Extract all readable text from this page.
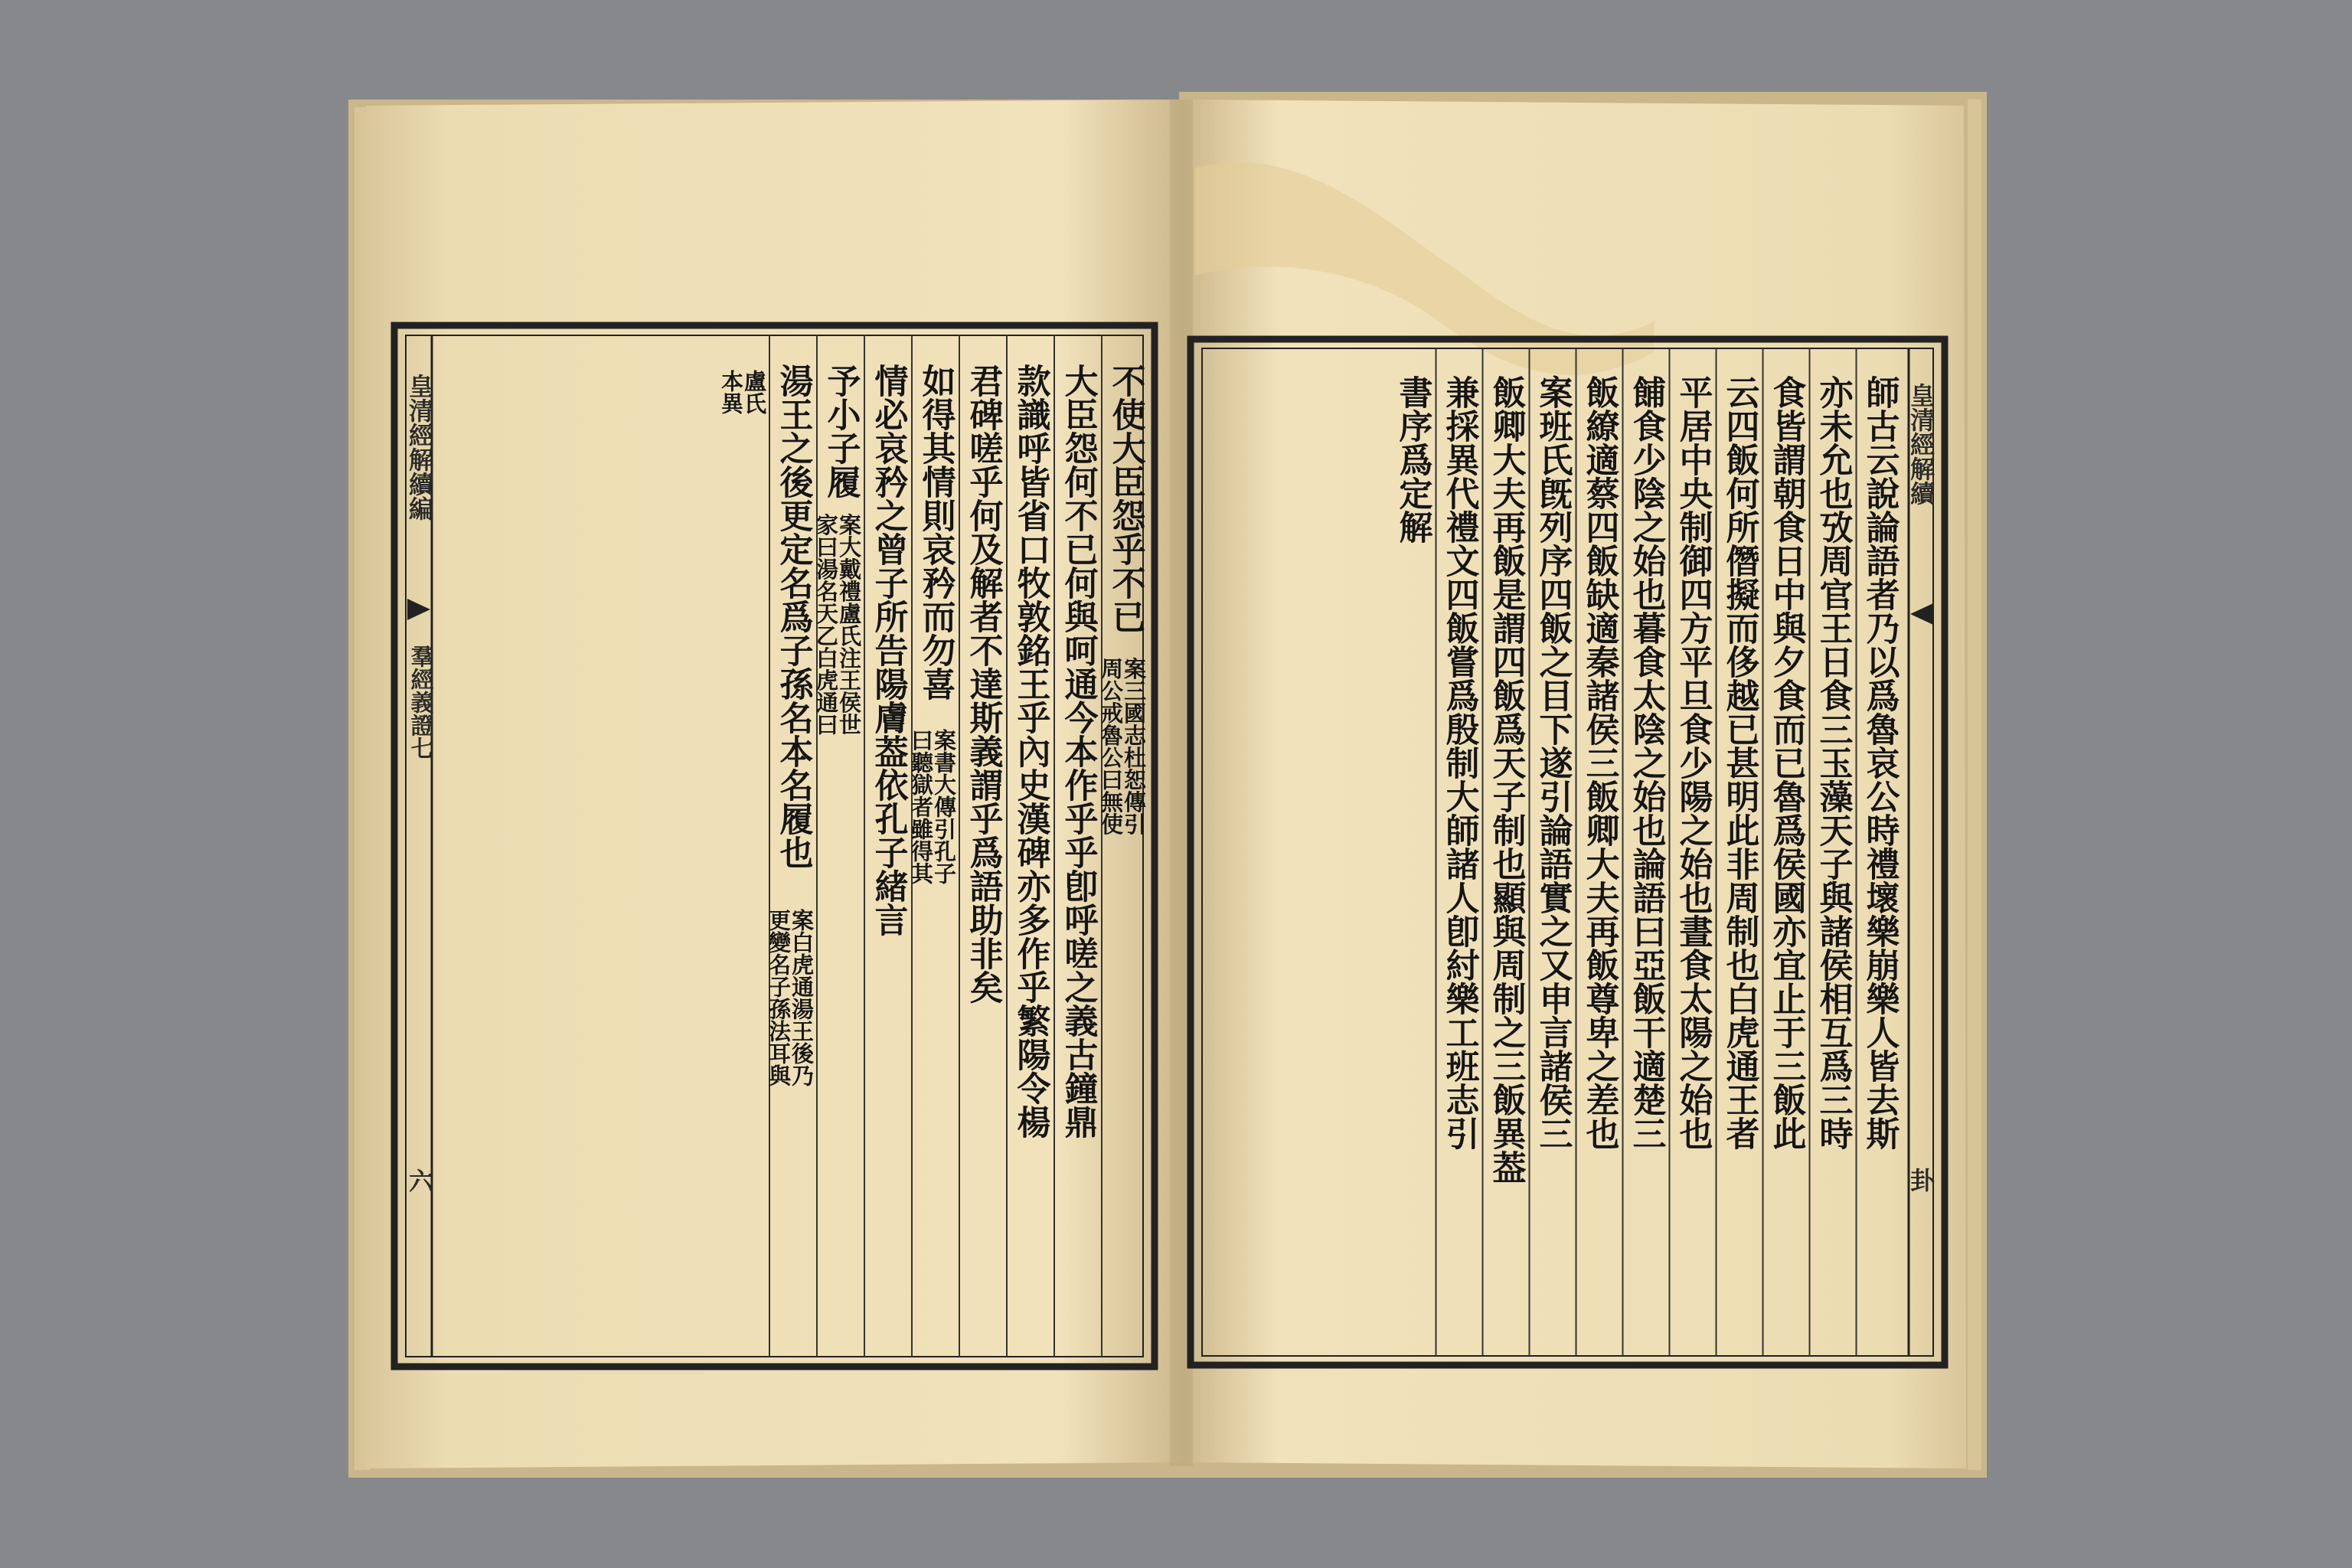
皇清經解續編
羣經義證七
六
不使大臣怨乎不已
案三國志杜恕傳引
周公戒魯公曰無使
大臣怨何不已何與呵通今本作乎乎卽呼嗟之義古鐘鼎
款識呼皆省口牧敦銘王乎內史漢碑亦多作乎繁陽令楊
君碑嗟乎何及解者不達斯義謂乎爲語助非矣
如得其情則哀矜而勿喜
案書大傳引孔子
曰聽獄者雖得其
情必哀矜之曾子所告陽膚葢依孔子緒言
予小子履
案大戴禮盧氏注王侯世
家曰湯名天乙白虎通曰
湯王之後更定名爲子孫名本名履也
案白虎通湯王後乃
更變名子孫法耳與
盧氏
本異	皇清經解續
卦
師古云說論語者乃以爲魯哀公時禮壞樂崩樂人皆去斯
亦未允也攷周官王日食三玉藻天子與諸侯相互爲三時
食皆謂朝食日中與夕食而已魯爲侯國亦宜止于三飯此
云四飯何所僭擬而侈越已甚明此非周制也白虎通王者
平居中央制御四方平旦食少陽之始也晝食太陽之始也
餔食少陰之始也暮食太陰之始也論語曰亞飯干適楚三
飯繚適蔡四飯缺適秦諸侯三飯卿大夫再飯尊卑之差也
案班氏旣列序四飯之目下遂引論語實之又申言諸侯三
飯卿大夫再飯是謂四飯爲天子制也顯與周制之三飯異葢
兼採異代禮文四飯嘗爲殷制大師諸人卽紂樂工班志引
書序爲定解
